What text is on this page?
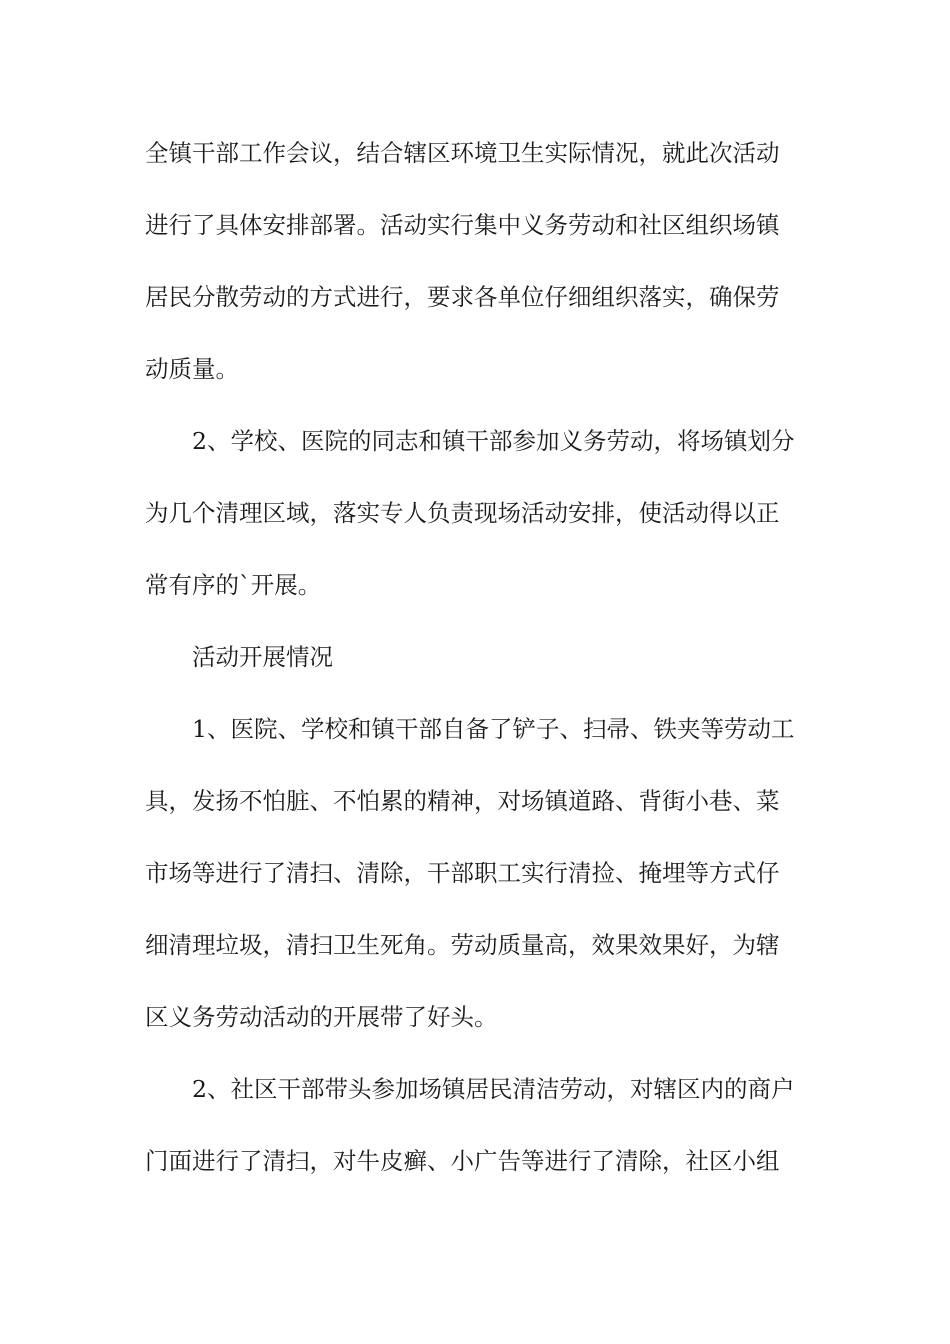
全镇干部工作会议，结合辖区环境卫生实际情况，就此次活动
进行了具体安排部署。活动实行集中义务劳动和社区组织场镇
居民分散劳动的方式进行，要求各单位仔细组织落实，确保劳
动质量。
2、学校、医院的同志和镇干部参加义务劳动，将场镇划分
为几个清理区域，落实专人负责现场活动安排，使活动得以正
常有序的`开展。
活动开展情况
1、医院、学校和镇干部自备了铲子、扫帚、铁夹等劳动工
具，发扬不怕脏、不怕累的精神，对场镇道路、背街小巷、菜
市场等进行了清扫、清除，干部职工实行清捡、掩埋等方式仔
细清理垃圾，清扫卫生死角。劳动质量高，效果效果好，为辖
区义务劳动活动的开展带了好头。
2、社区干部带头参加场镇居民清洁劳动，对辖区内的商户
门面进行了清扫，对牛皮癣、小广告等进行了清除，社区小组
